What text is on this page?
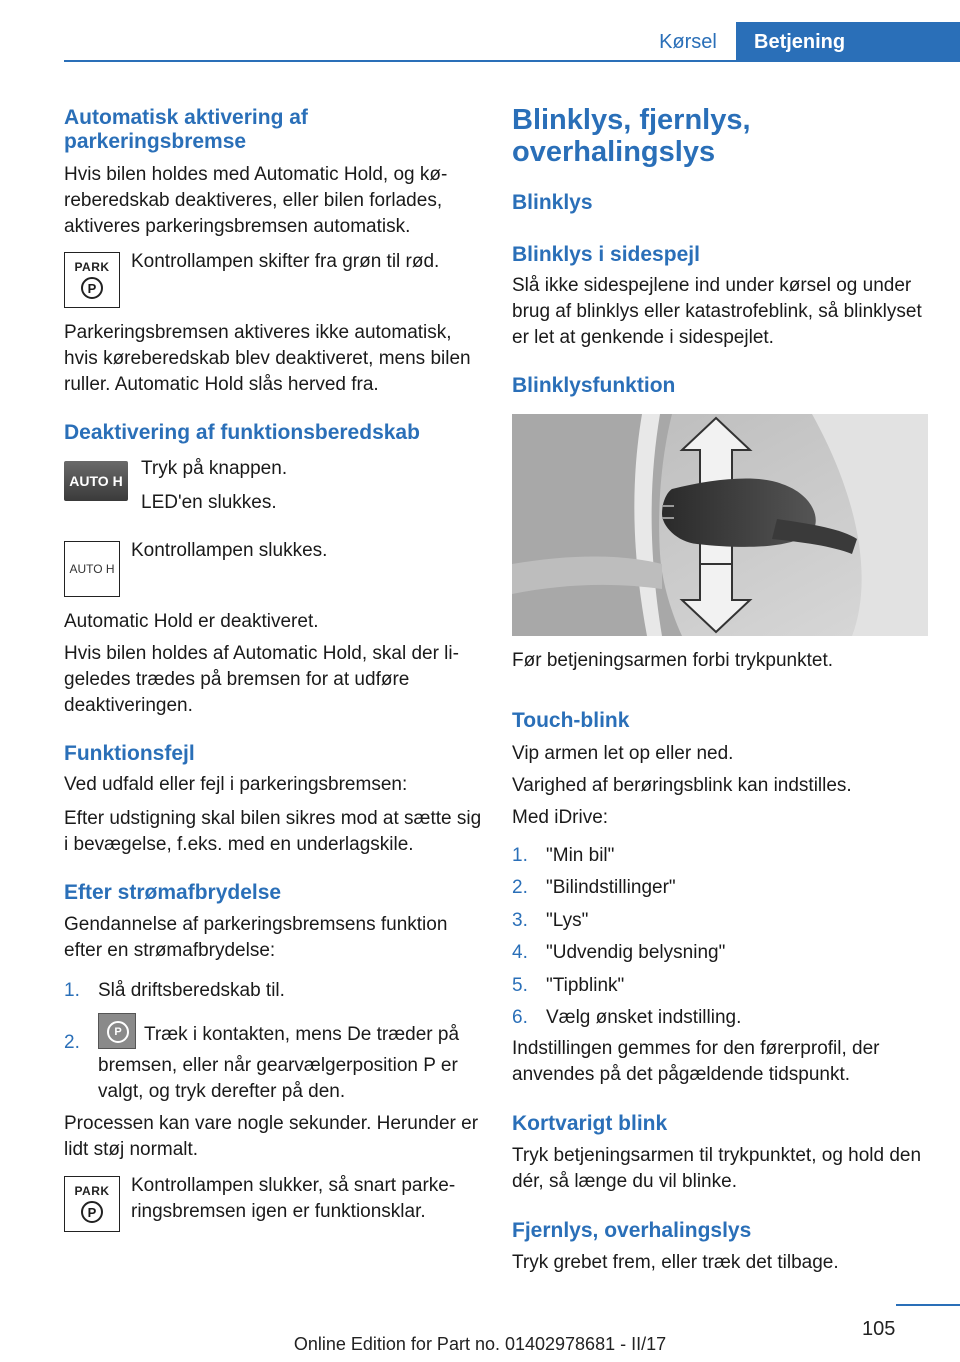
Kørsel	Betjening
Automatisk aktivering af parkeringsbremse

Hvis bilen holdes med Automatic Hold, og køreberedskab deaktiveres, eller bilen forlades, aktiveres parkeringsbremsen automatisk.

PARK
P

Kontrollampen skifter fra grøn til rød.

Parkeringsbremsen aktiveres ikke automatisk, hvis køreberedskab blev deaktiveret, mens bilen ruller. Automatic Hold slås herved fra.

Deaktivering af funktionsberedskab
AUTO H

Tryk på knappen.

LED'en slukkes.

AUTO H

Kontrollampen slukkes.

Automatic Hold er deaktiveret.

Hvis bilen holdes af Automatic Hold, skal der ligeledes trædes på bremsen for at udføre deaktiveringen.

Funktionsfejl

Ved udfald eller fejl i parkeringsbremsen:

Efter udstigning skal bilen sikres mod at sætte sig i bevægelse, f.eks. med en underlagskile.

Efter strømafbrydelse

Gendannelse af parkeringsbremsens funktion efter en strømafbrydelse:

1. Slå driftsberedskab til.
2.	P	Træk i kontakten, mens De træder på bremsen, eller når gearvælgerposition P er valgt, og tryk derefter på den.

Processen kan vare nogle sekunder. Herunder er lidt støj normalt.

PARK
P

Kontrollampen slukker, så snart parkeringsbremsen igen er funktionsklar.

Blinklys, fjernlys, overhalingslys
Blinklys
Blinklys i sidespejl

Slå ikke sidespejlene ind under kørsel og under brug af blinklys eller katastrofeblink, så blinklyset er let at genkende i sidespejlet.

Blinklysfunktion

Før betjeningsarmen forbi trykpunktet.

Touch-blink

Vip armen let op eller ned.

Varighed af berøringsblink kan indstilles.

Med iDrive:

1. "Min bil"
2. "Bilindstillinger"
3. "Lys"
4. "Udvendig belysning"
5. "Tipblink"
6. Vælg ønsket indstilling.

Indstillingen gemmes for den førerprofil, der anvendes på det pågældende tidspunkt.

Kortvarigt blink

Tryk betjeningsarmen til trykpunktet, og hold den dér, så længe du vil blinke.

Fjernlys, overhalingslys

Tryk grebet frem, eller træk det tilbage.

105
Online Edition for Part no. 01402978681 - II/17
